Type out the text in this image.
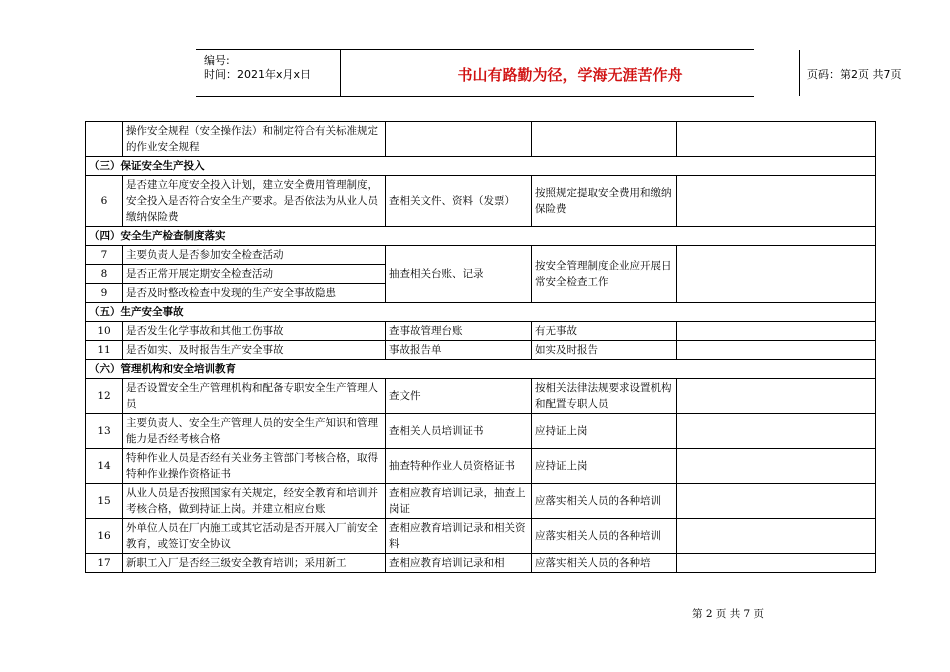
编号:
时间：2021年x月x日	书山有路勤为径，学海无涯苦作舟	页码：第2页 共7页
	操作安全规程（安全操作法）和制定符合有关标准规定的作业安全规程			
（三）保证安全生产投入				
6	是否建立年度安全投入计划，建立安全费用管理制度，安全投入是否符合安全生产要求。是否依法为从业人员缴纳保险费	查相关文件、资料（发票）	按照规定提取安全费用和缴纳保险费	
（四）安全生产检查制度落实				
7	主要负责人是否参加安全检查活动	抽查相关台账、记录	按安全管理制度企业应开展日常安全检查工作	
8	是否正常开展定期安全检查活动			
9	是否及时整改检查中发现的生产安全事故隐患			
（五）生产安全事故				
10	是否发生化学事故和其他工伤事故	查事故管理台账	有无事故	
11	是否如实、及时报告生产安全事故	事故报告单	如实及时报告	
（六）管理机构和安全培训教育				
12	是否设置安全生产管理机构和配备专职安全生产管理人员	查文件	按相关法律法规要求设置机构和配置专职人员	
13	主要负责人、安全生产管理人员的安全生产知识和管理能力是否经考核合格	查相关人员培训证书	应持证上岗	
14	特种作业人员是否经有关业务主管部门考核合格，取得特种作业操作资格证书	抽查特种作业人员资格证书	应持证上岗	
15	从业人员是否按照国家有关规定，经安全教育和培训并考核合格，做到持证上岗。并建立相应台账	查相应教育培训记录，抽查上岗证	应落实相关人员的各种培训	
16	外单位人员在厂内施工或其它活动是否开展入厂前安全教育，或签订安全协议	查相应教育培训记录和相关资料	应落实相关人员的各种培训	
17	新职工入厂是否经三级安全教育培训；采用新工	查相应教育培训记录和相	应落实相关人员的各种培	
第 2 页 共 7 页
